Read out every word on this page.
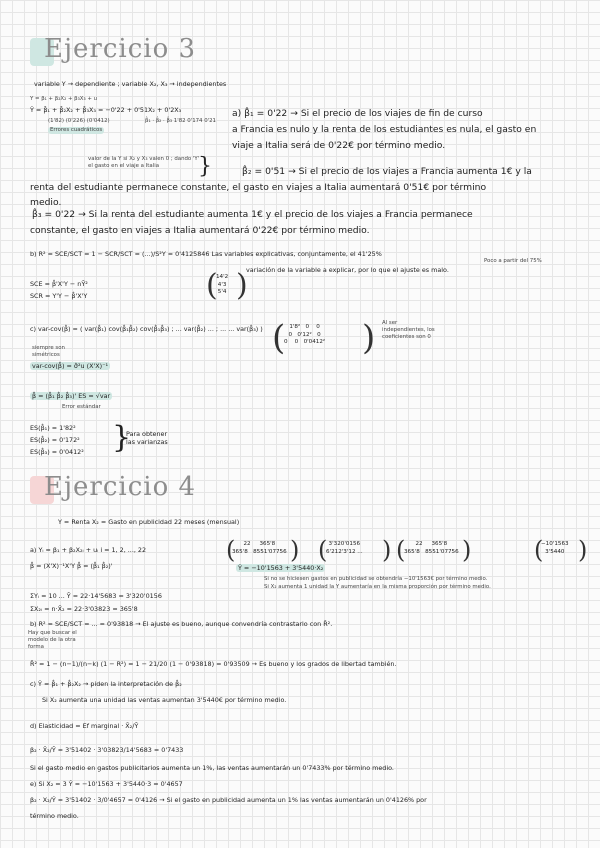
Ejercicio 3
variable Y → dependiente ; variable X₂, X₃ → independientes
Y = β₁ + β₂X₂ + β₃X₃ + u
Ŷ = β̂₁ + β̂₂X₂ + β̂₃X₃ = −0'22 + 0'51X₂ + 0'2X₃
(1'82) (0'226) (0'0412)
Errores cuadráticos
β̂₁ · β̂₂ · β̂₃ 1'82 0'174 0'21
a) β̂₁ = 0'22 → Si el precio de los viajes de fin de curso
a Francia es nulo y la renta de los estudiantes es nula, el gasto en
viaje a Italia será de 0'22€ por término medio.
valor de la Y si X₂ y X₃ valen 0 ; dando 'Y' el gasto en el viaje a Italia	}	β̂₂ = 0'51 → Si el precio de los viajes a Francia aumenta 1€ y la
renta del estudiante permanece constante, el gasto en viajes a Italia aumentará 0'51€ por término
medio.
β̂₃ = 0'22 → Si la renta del estudiante aumenta 1€ y el precio de los viajes a Francia permanece
constante, el gasto en viajes a Italia aumentará 0'22€ por término medio.
b) R² = SCE/SCT = 1 − SCR/SCT = (...)/S²Y = 0'4125846 Las variables explicativas, conjuntamente, el 41'25%
Poco a partir del 75%
variación de la variable a explicar, por lo que el ajuste es malo.
SCE = β̂'X'Y − nȲ²
SCR = Y'Y − β̂'X'Y	(
14'2
4'3
5'4 )
c) var-cov(β̂) = ( var(β̂₁) cov(β̂₁β̂₂) cov(β̂₁β̂₃) ; ... var(β̂₂) ... ; ... ... var(β̂₃) )
siempre son simétricos
Al ser independientes, los coeficientes son 0
( 1'8²   0    0
0   0'12²   0
0    0   0'0412² )
var-cov(β̂) = σ̂²u (X'X)⁻¹
β̂ = (β̂₁ β̂₂ β̂₃)' ES = √var
Error estándar
ES(β̂₁) = 1'82²
ES(β̂₂) = 0'172²
ES(β̂₃) = 0'0412² }
Para obtener las varianzas
Ejercicio 4
Y = Renta X₂ = Gasto en publicidad 22 meses (mensual)
a) Yᵢ = β₁ + β₂X₂ᵢ + uᵢ i = 1, 2, ..., 22
β̂ = (X'X)⁻¹X'Y β̂ = (β̂₁ β̂₂)'
(	22     365'8
365'8   8551'07756 ) ( 3'320'0156
6'212'3'12 ... ) (	22     365'8
365'8   8551'07756 )	(
−10'1563
3'5440 )
Ŷ = −10'1563 + 3'5440·X₂
Si no se hiciesen gastos en publicidad se obtendría −10'1563€ por término medio.
Si X₂ aumenta 1 unidad la Y aumentaría en la misma proporción por término medio.
ΣYᵢ = 10 ... Ȳ = 22·14'5683 = 3'320'0156
ΣX₂ᵢ = n·X̄₂ = 22·3'03823 = 365'8
b) R² = SCE/SCT = ... = 0'93818 → El ajuste es bueno, aunque convendría contrastarlo con R̄².
Hay que buscar el modelo de la otra forma
R̄² = 1 − (n−1)/(n−k) (1 − R²) = 1 − 21/20 (1 − 0'93818) = 0'93509 → Es bueno y los grados de libertad también.
c) Ŷ = β̂₁ + β̂₂X₂ → piden la interpretación de β̂₂
Si X₂ aumenta una unidad las ventas aumentan 3'5440€ por término medio.
d) Elasticidad = Ef marginal · X̄₂/Ȳ
β₂ · X̄₂/Ȳ = 3'51402 · 3'03823/14'5683 = 0'7433
Si el gasto medio en gastos publicitarios aumenta un 1%, las ventas aumentarán un 0'7433% por término medio.
e) Si X₂ = 3 Ŷ = −10'1563 + 3'5440·3 = 0'4657
β₂ · X₂/Ŷ = 3'51402 · 3/0'4657 = 0'4126 → Si el gasto en publicidad aumenta un 1% las ventas aumentarán un 0'4126% por
término medio.
